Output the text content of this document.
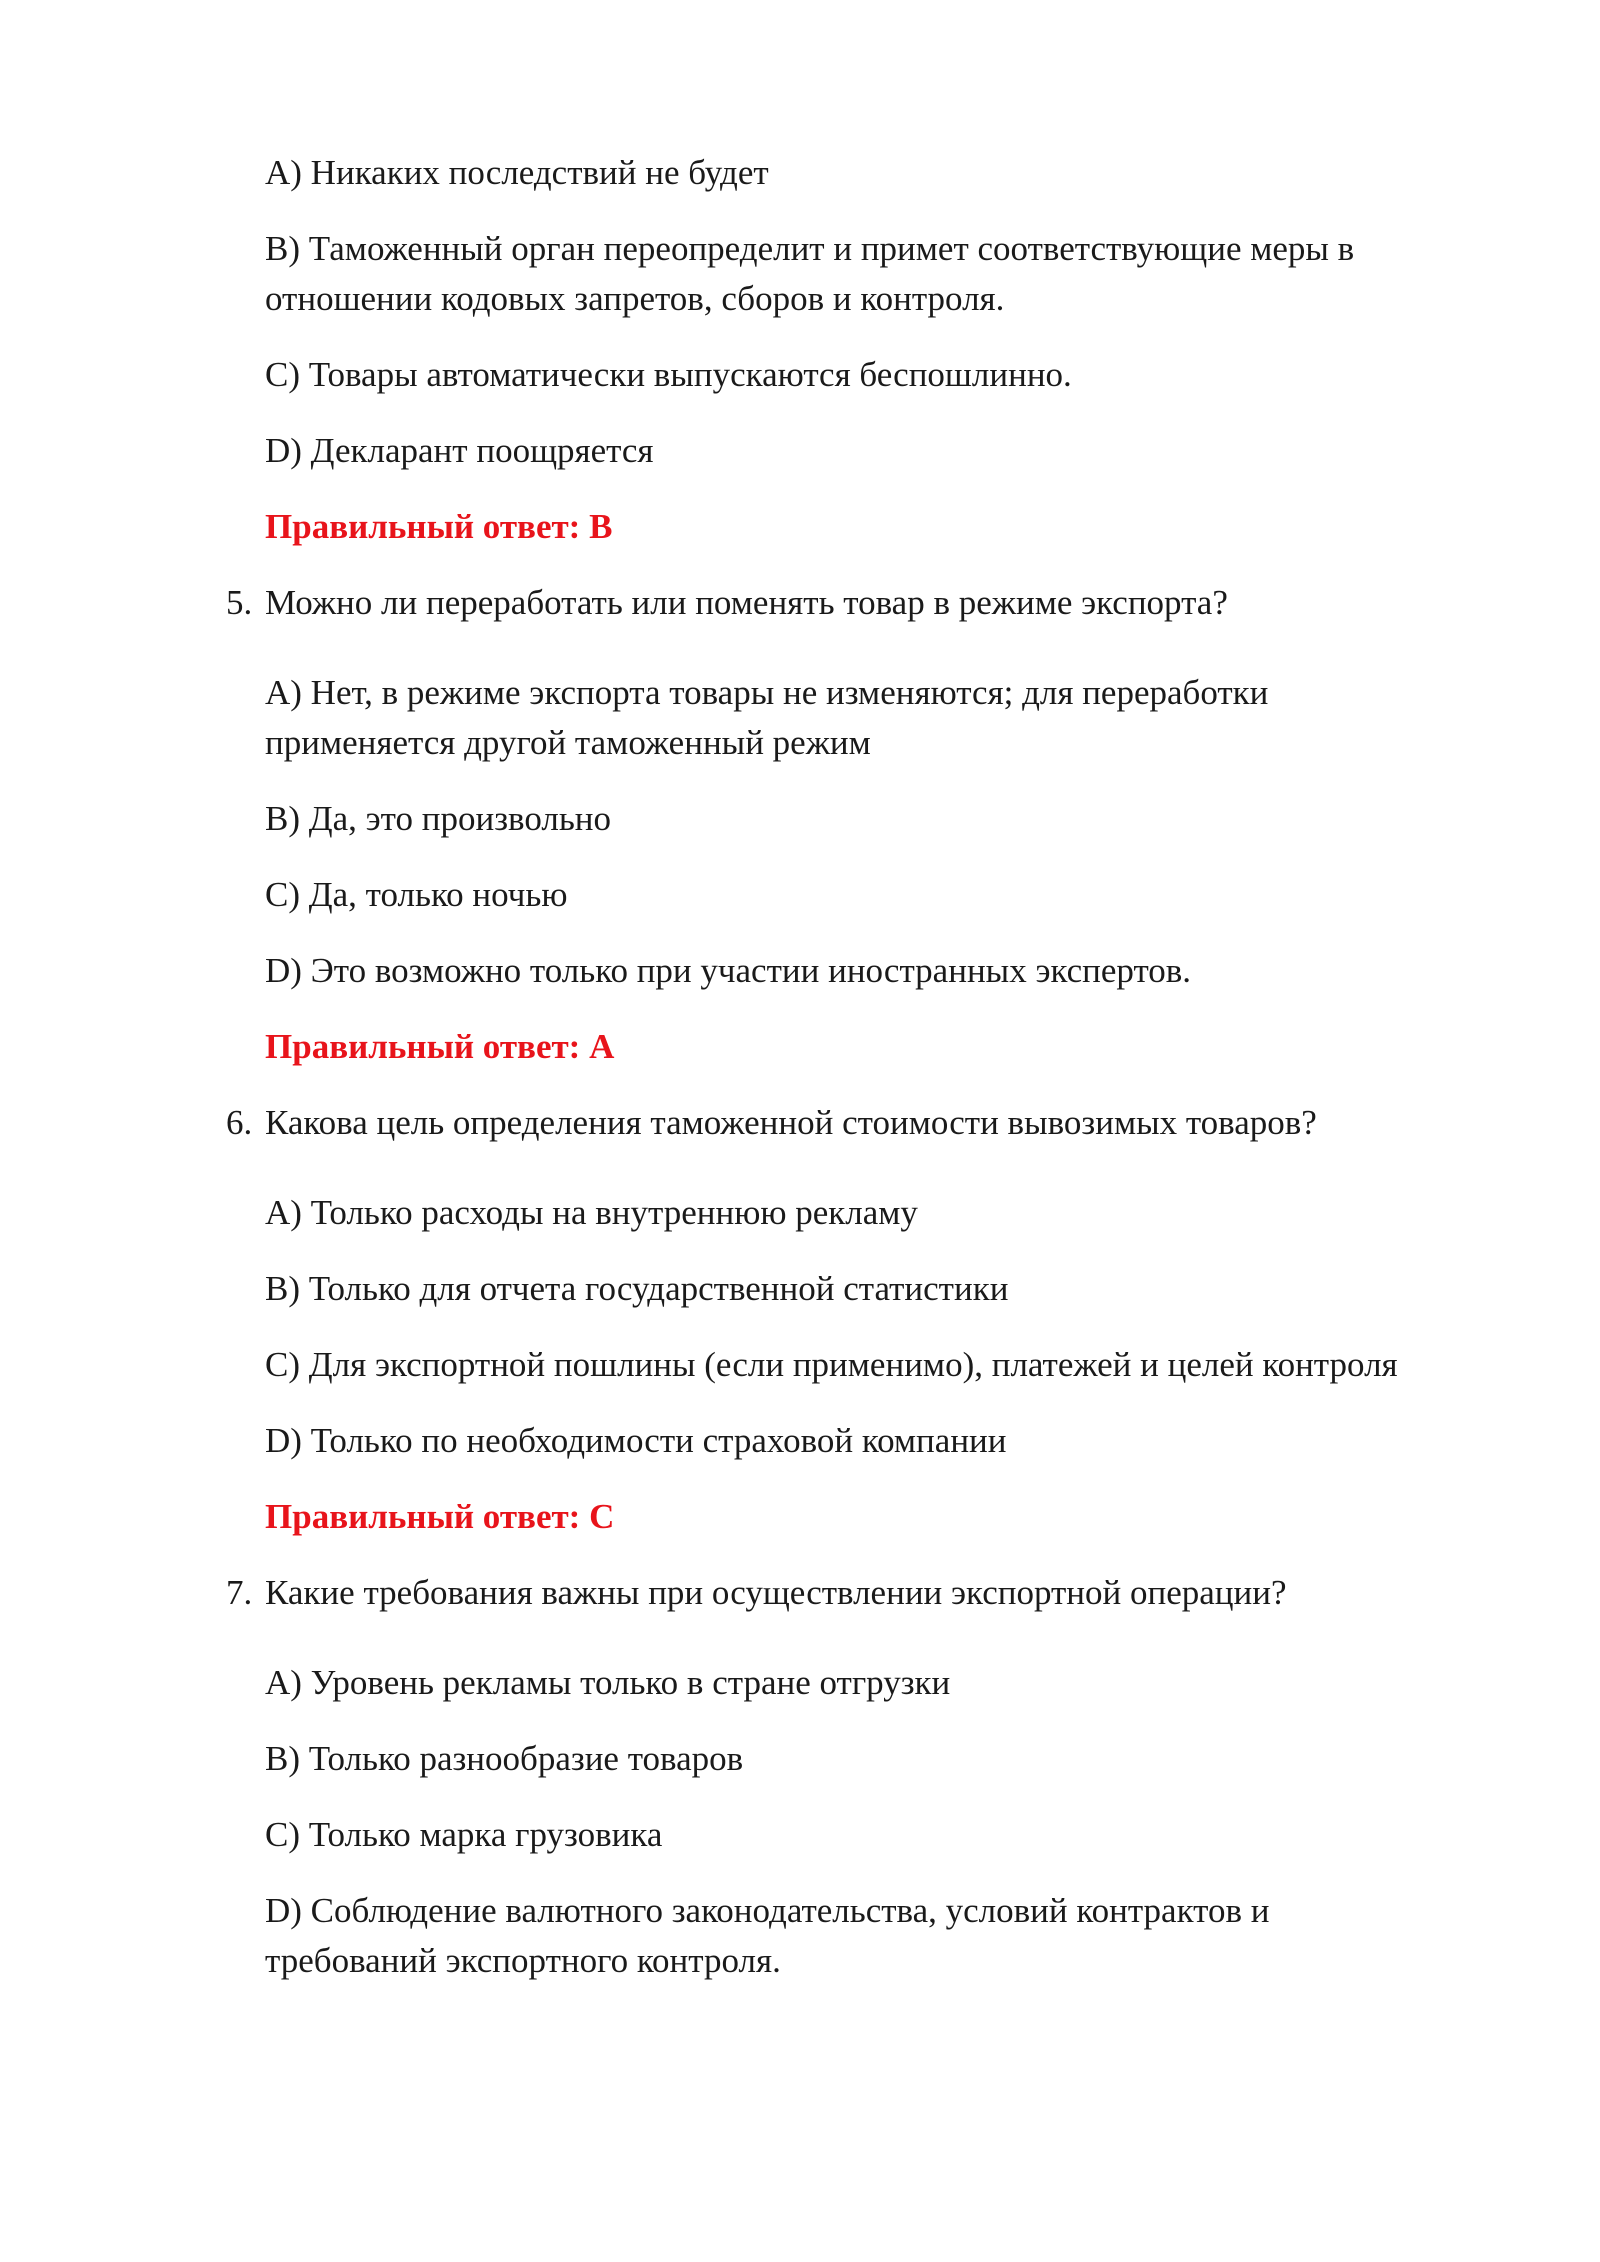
A) Никаких последствий не будет

B) Таможенный орган переопределит и примет соответствующие меры в отношении кодовых запретов, сборов и контроля.

C) Товары автоматически выпускаются беспошлинно.

D) Декларант поощряется

Правильный ответ: B

5. Можно ли переработать или поменять товар в режиме экспорта?

A) Нет, в режиме экспорта товары не изменяются; для переработки применяется другой таможенный режим

B) Да, это произвольно

C) Да, только ночью

D) Это возможно только при участии иностранных экспертов.

Правильный ответ: A

6. Какова цель определения таможенной стоимости вывозимых товаров?

A) Только расходы на внутреннюю рекламу

B) Только для отчета государственной статистики

C) Для экспортной пошлины (если применимо), платежей и целей контроля

D) Только по необходимости страховой компании

Правильный ответ: C

7. Какие требования важны при осуществлении экспортной операции?

A) Уровень рекламы только в стране отгрузки

B) Только разнообразие товаров

C) Только марка грузовика

D) Соблюдение валютного законодательства, условий контрактов и требований экспортного контроля.
